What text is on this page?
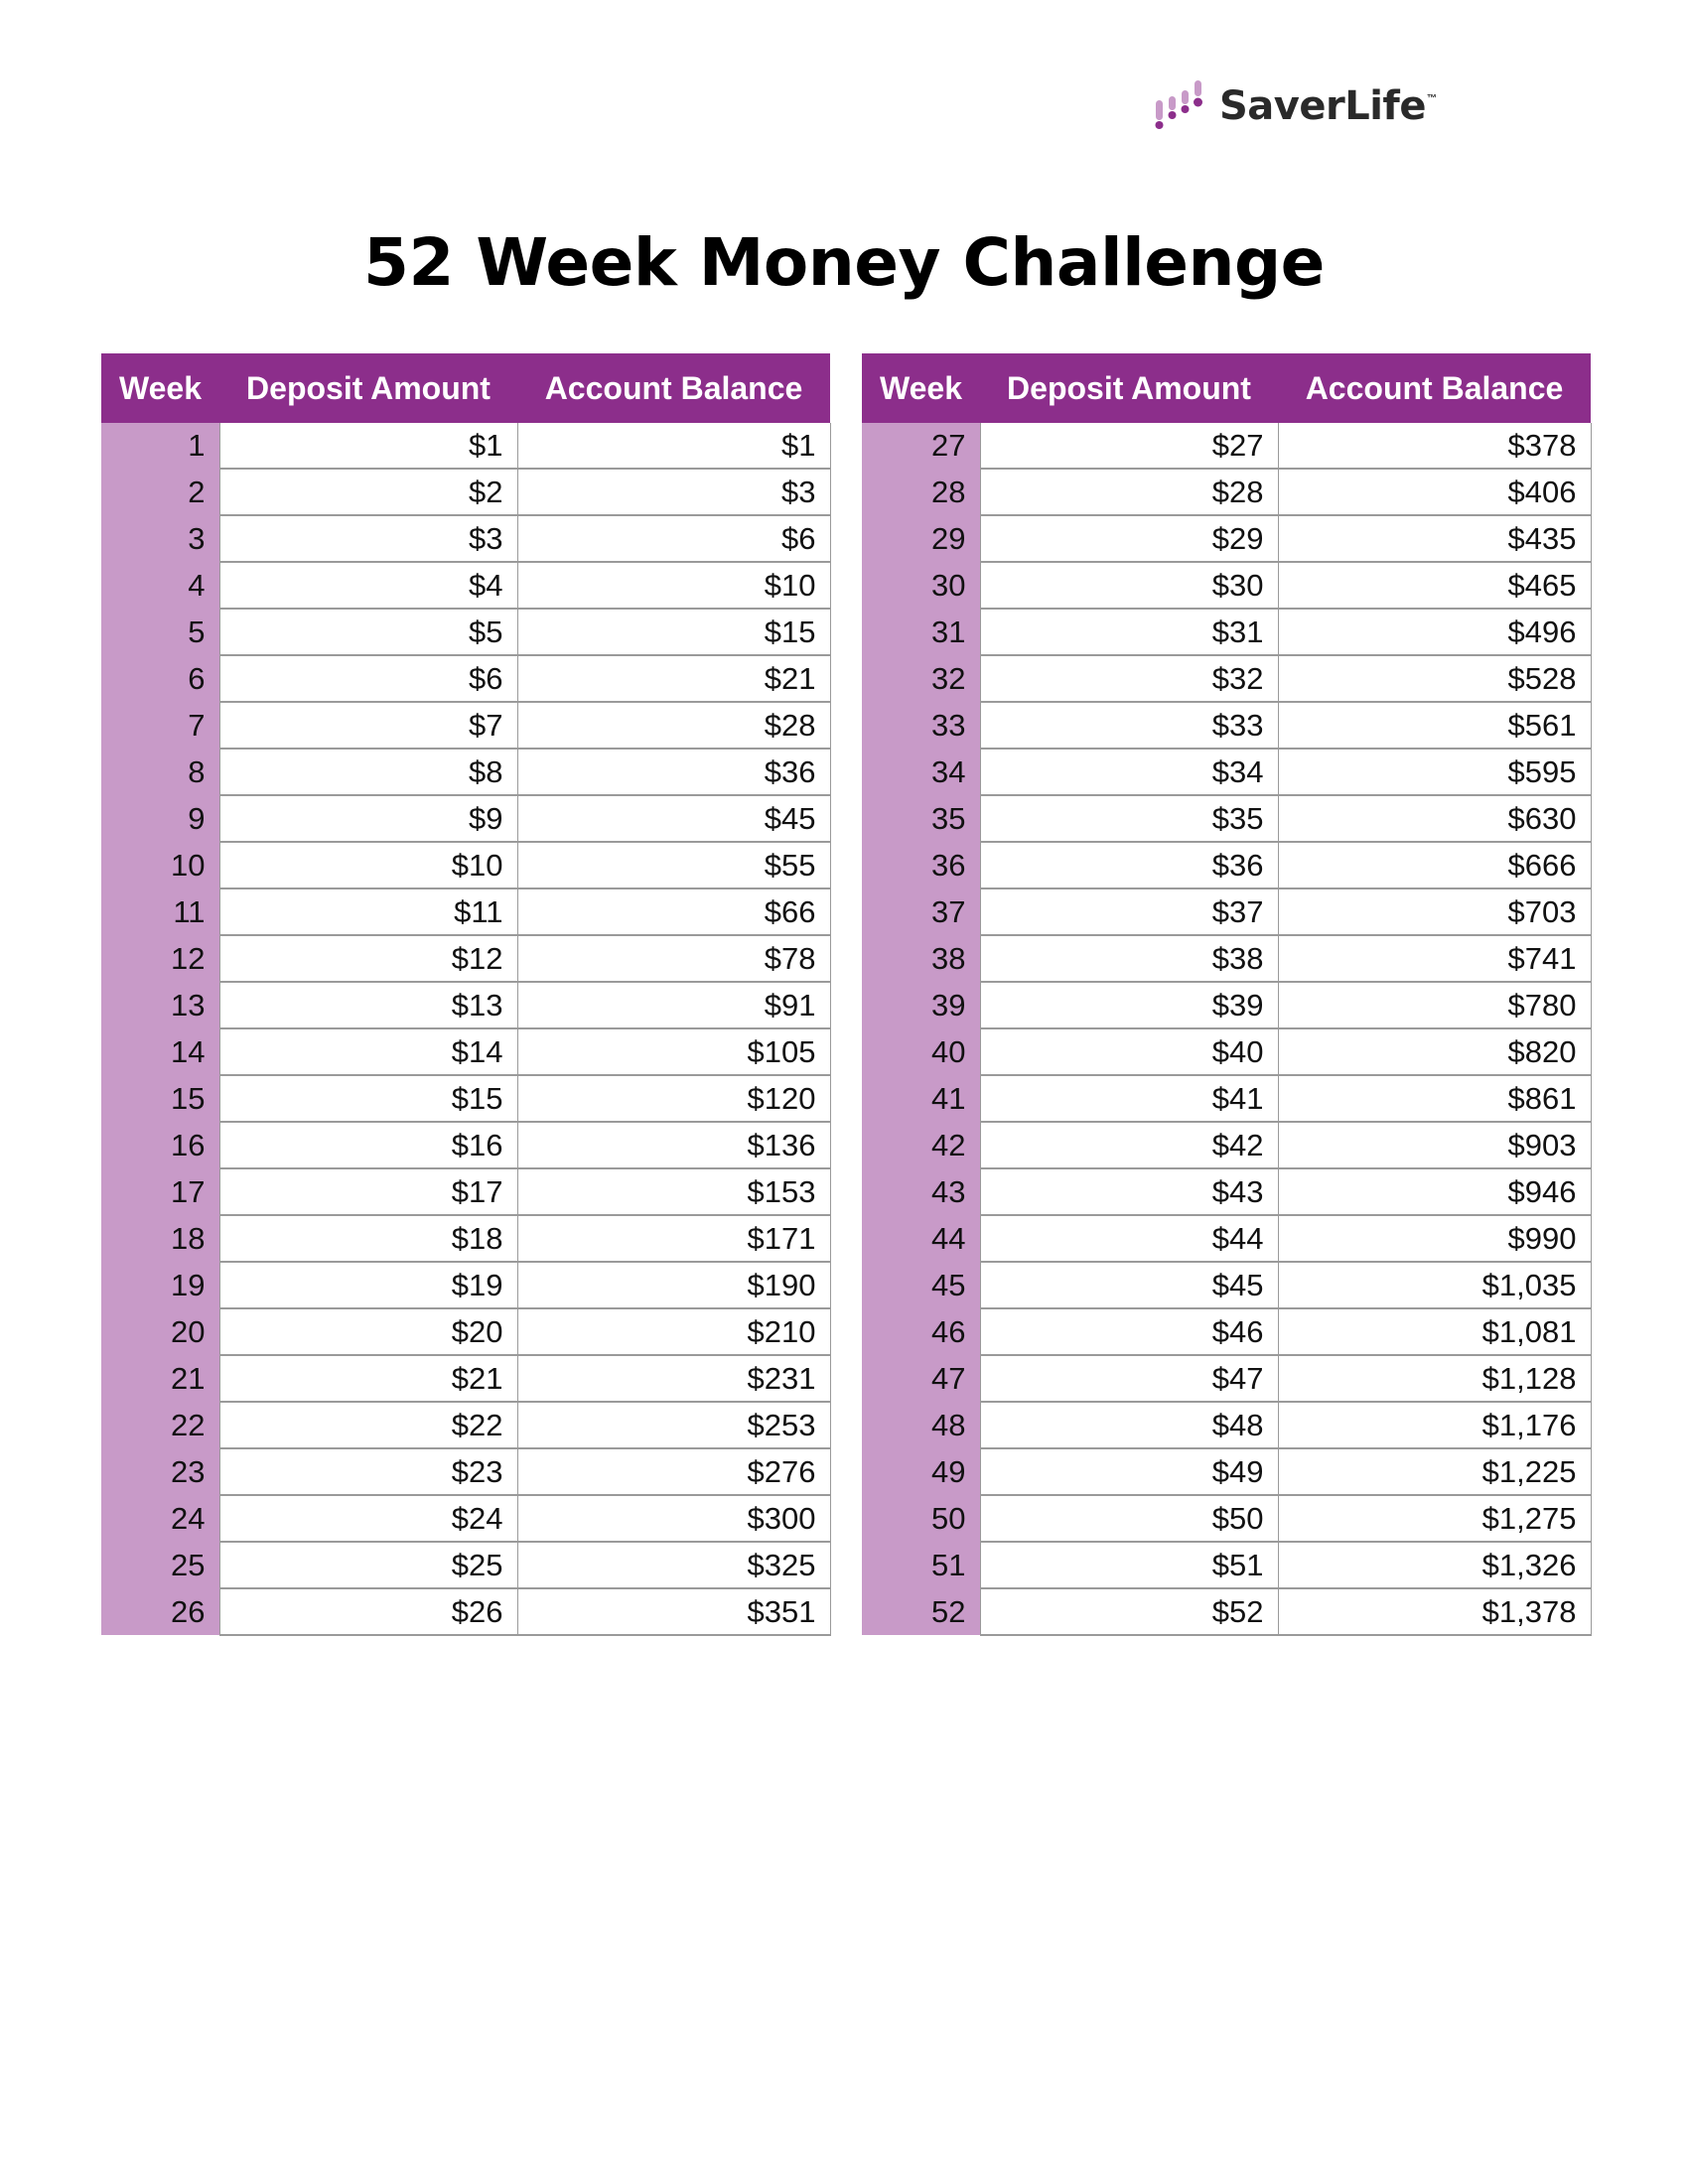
SaverLife ™
52 Week Money Challenge
Week	Deposit Amount	Account Balance
1	$1	$1
2	$2	$3
3	$3	$6
4	$4	$10
5	$5	$15
6	$6	$21
7	$7	$28
8	$8	$36
9	$9	$45
10	$10	$55
11	$11	$66
12	$12	$78
13	$13	$91
14	$14	$105
15	$15	$120
16	$16	$136
17	$17	$153
18	$18	$171
19	$19	$190
20	$20	$210
21	$21	$231
22	$22	$253
23	$23	$276
24	$24	$300
25	$25	$325
26	$26	$351
Week	Deposit Amount	Account Balance
27	$27	$378
28	$28	$406
29	$29	$435
30	$30	$465
31	$31	$496
32	$32	$528
33	$33	$561
34	$34	$595
35	$35	$630
36	$36	$666
37	$37	$703
38	$38	$741
39	$39	$780
40	$40	$820
41	$41	$861
42	$42	$903
43	$43	$946
44	$44	$990
45	$45	$1,035
46	$46	$1,081
47	$47	$1,128
48	$48	$1,176
49	$49	$1,225
50	$50	$1,275
51	$51	$1,326
52	$52	$1,378
